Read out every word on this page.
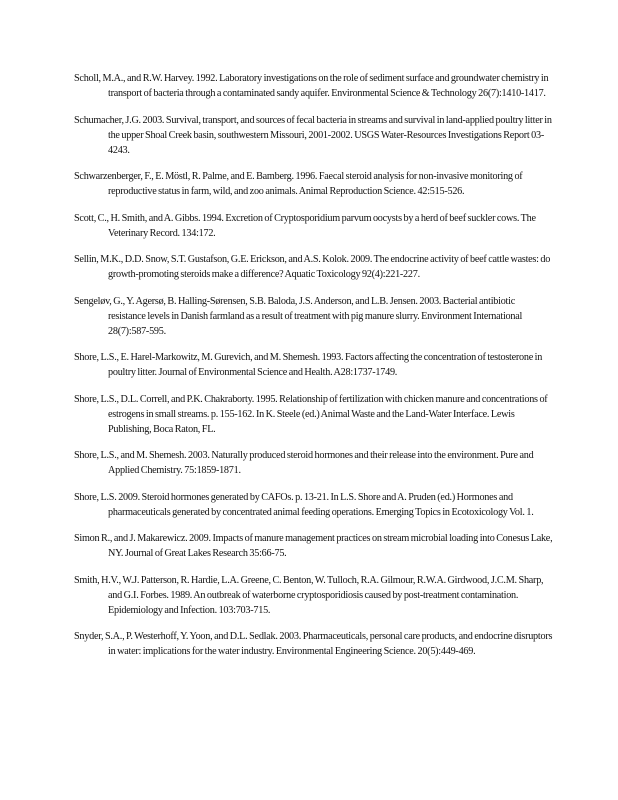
Scholl, M.A., and R.W. Harvey. 1992. Laboratory investigations on the role of sediment surface and groundwater chemistry in transport of bacteria through a contaminated sandy aquifer. Environmental Science & Technology 26(7):1410-1417.

Schumacher, J.G. 2003. Survival, transport, and sources of fecal bacteria in streams and survival in land-applied poultry litter in the upper Shoal Creek basin, southwestern Missouri, 2001-2002. USGS Water-Resources Investigations Report 03-4243.

Schwarzenberger, F., E. Möstl, R. Palme, and E. Bamberg. 1996. Faecal steroid analysis for non-invasive monitoring of reproductive status in farm, wild, and zoo animals. Animal Reproduction Science. 42:515-526.

Scott, C., H. Smith, and A. Gibbs. 1994. Excretion of Cryptosporidium parvum oocysts by a herd of beef suckler cows. The Veterinary Record. 134:172.

Sellin, M.K., D.D. Snow, S.T. Gustafson, G.E. Erickson, and A.S. Kolok. 2009. The endocrine activity of beef cattle wastes: do growth-promoting steroids make a difference? Aquatic Toxicology 92(4):221-227.

Sengeløv, G., Y. Agersø, B. Halling-Sørensen, S.B. Baloda, J.S. Anderson, and L.B. Jensen. 2003. Bacterial antibiotic resistance levels in Danish farmland as a result of treatment with pig manure slurry. Environment International 28(7):587-595.

Shore, L.S., E. Harel-Markowitz, M. Gurevich, and M. Shemesh. 1993. Factors affecting the concentration of testosterone in poultry litter. Journal of Environmental Science and Health. A28:1737-1749.

Shore, L.S., D.L. Correll, and P.K. Chakraborty. 1995. Relationship of fertilization with chicken manure and concentrations of estrogens in small streams. p. 155-162. In K. Steele (ed.) Animal Waste and the Land-Water Interface. Lewis Publishing, Boca Raton, FL.

Shore, L.S., and M. Shemesh. 2003. Naturally produced steroid hormones and their release into the environment. Pure and Applied Chemistry. 75:1859-1871.

Shore, L.S. 2009. Steroid hormones generated by CAFOs. p. 13-21. In L.S. Shore and A. Pruden (ed.) Hormones and pharmaceuticals generated by concentrated animal feeding operations. Emerging Topics in Ecotoxicology Vol. 1.

Simon R., and J. Makarewicz. 2009. Impacts of manure management practices on stream microbial loading into Conesus Lake, NY. Journal of Great Lakes Research 35:66-75.

Smith, H.V., W.J. Patterson, R. Hardie, L.A. Greene, C. Benton, W. Tulloch, R.A. Gilmour, R.W.A. Girdwood, J.C.M. Sharp, and G.I. Forbes. 1989. An outbreak of waterborne cryptosporidiosis caused by post-treatment contamination. Epidemiology and Infection. 103:703-715.

Snyder, S.A., P. Westerhoff, Y. Yoon, and D.L. Sedlak. 2003. Pharmaceuticals, personal care products, and endocrine disruptors in water: implications for the water industry. Environmental Engineering Science. 20(5):449-469.
